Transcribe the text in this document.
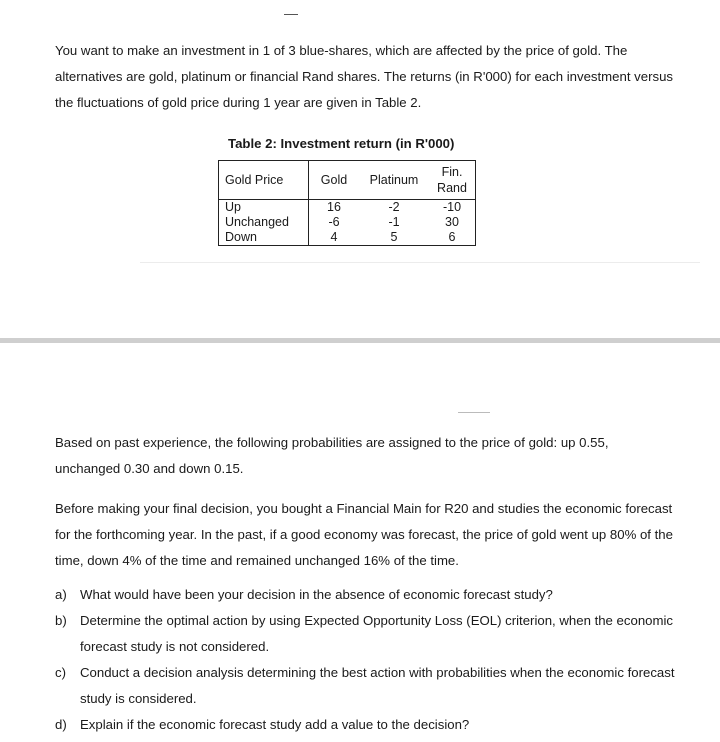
You want to make an investment in 1 of 3 blue-shares, which are affected by the price of gold. The alternatives are gold, platinum or financial Rand shares. The returns (in R'000) for each investment versus the fluctuations of gold price during 1 year are given in Table 2.

Table 2: Investment return (in R'000)
Gold Price	Gold	Platinum	Fin. Rand
Up	16	-2	-10
Unchanged	-6	-1	30
Down	4	5	6

Based on past experience, the following probabilities are assigned to the price of gold: up 0.55, unchanged 0.30 and down 0.15.

Before making your final decision, you bought a Financial Main for R20 and studies the economic forecast for the forthcoming year. In the past, if a good economy was forecast, the price of gold went up 80% of the time, down 4% of the time and remained unchanged 16% of the time.

a) What would have been your decision in the absence of economic forecast study?
b) Determine the optimal action by using Expected Opportunity Loss (EOL) criterion, when the economic forecast study is not considered.
c) Conduct a decision analysis determining the best action with probabilities when the economic forecast study is considered.
d) Explain if the economic forecast study add a value to the decision?
